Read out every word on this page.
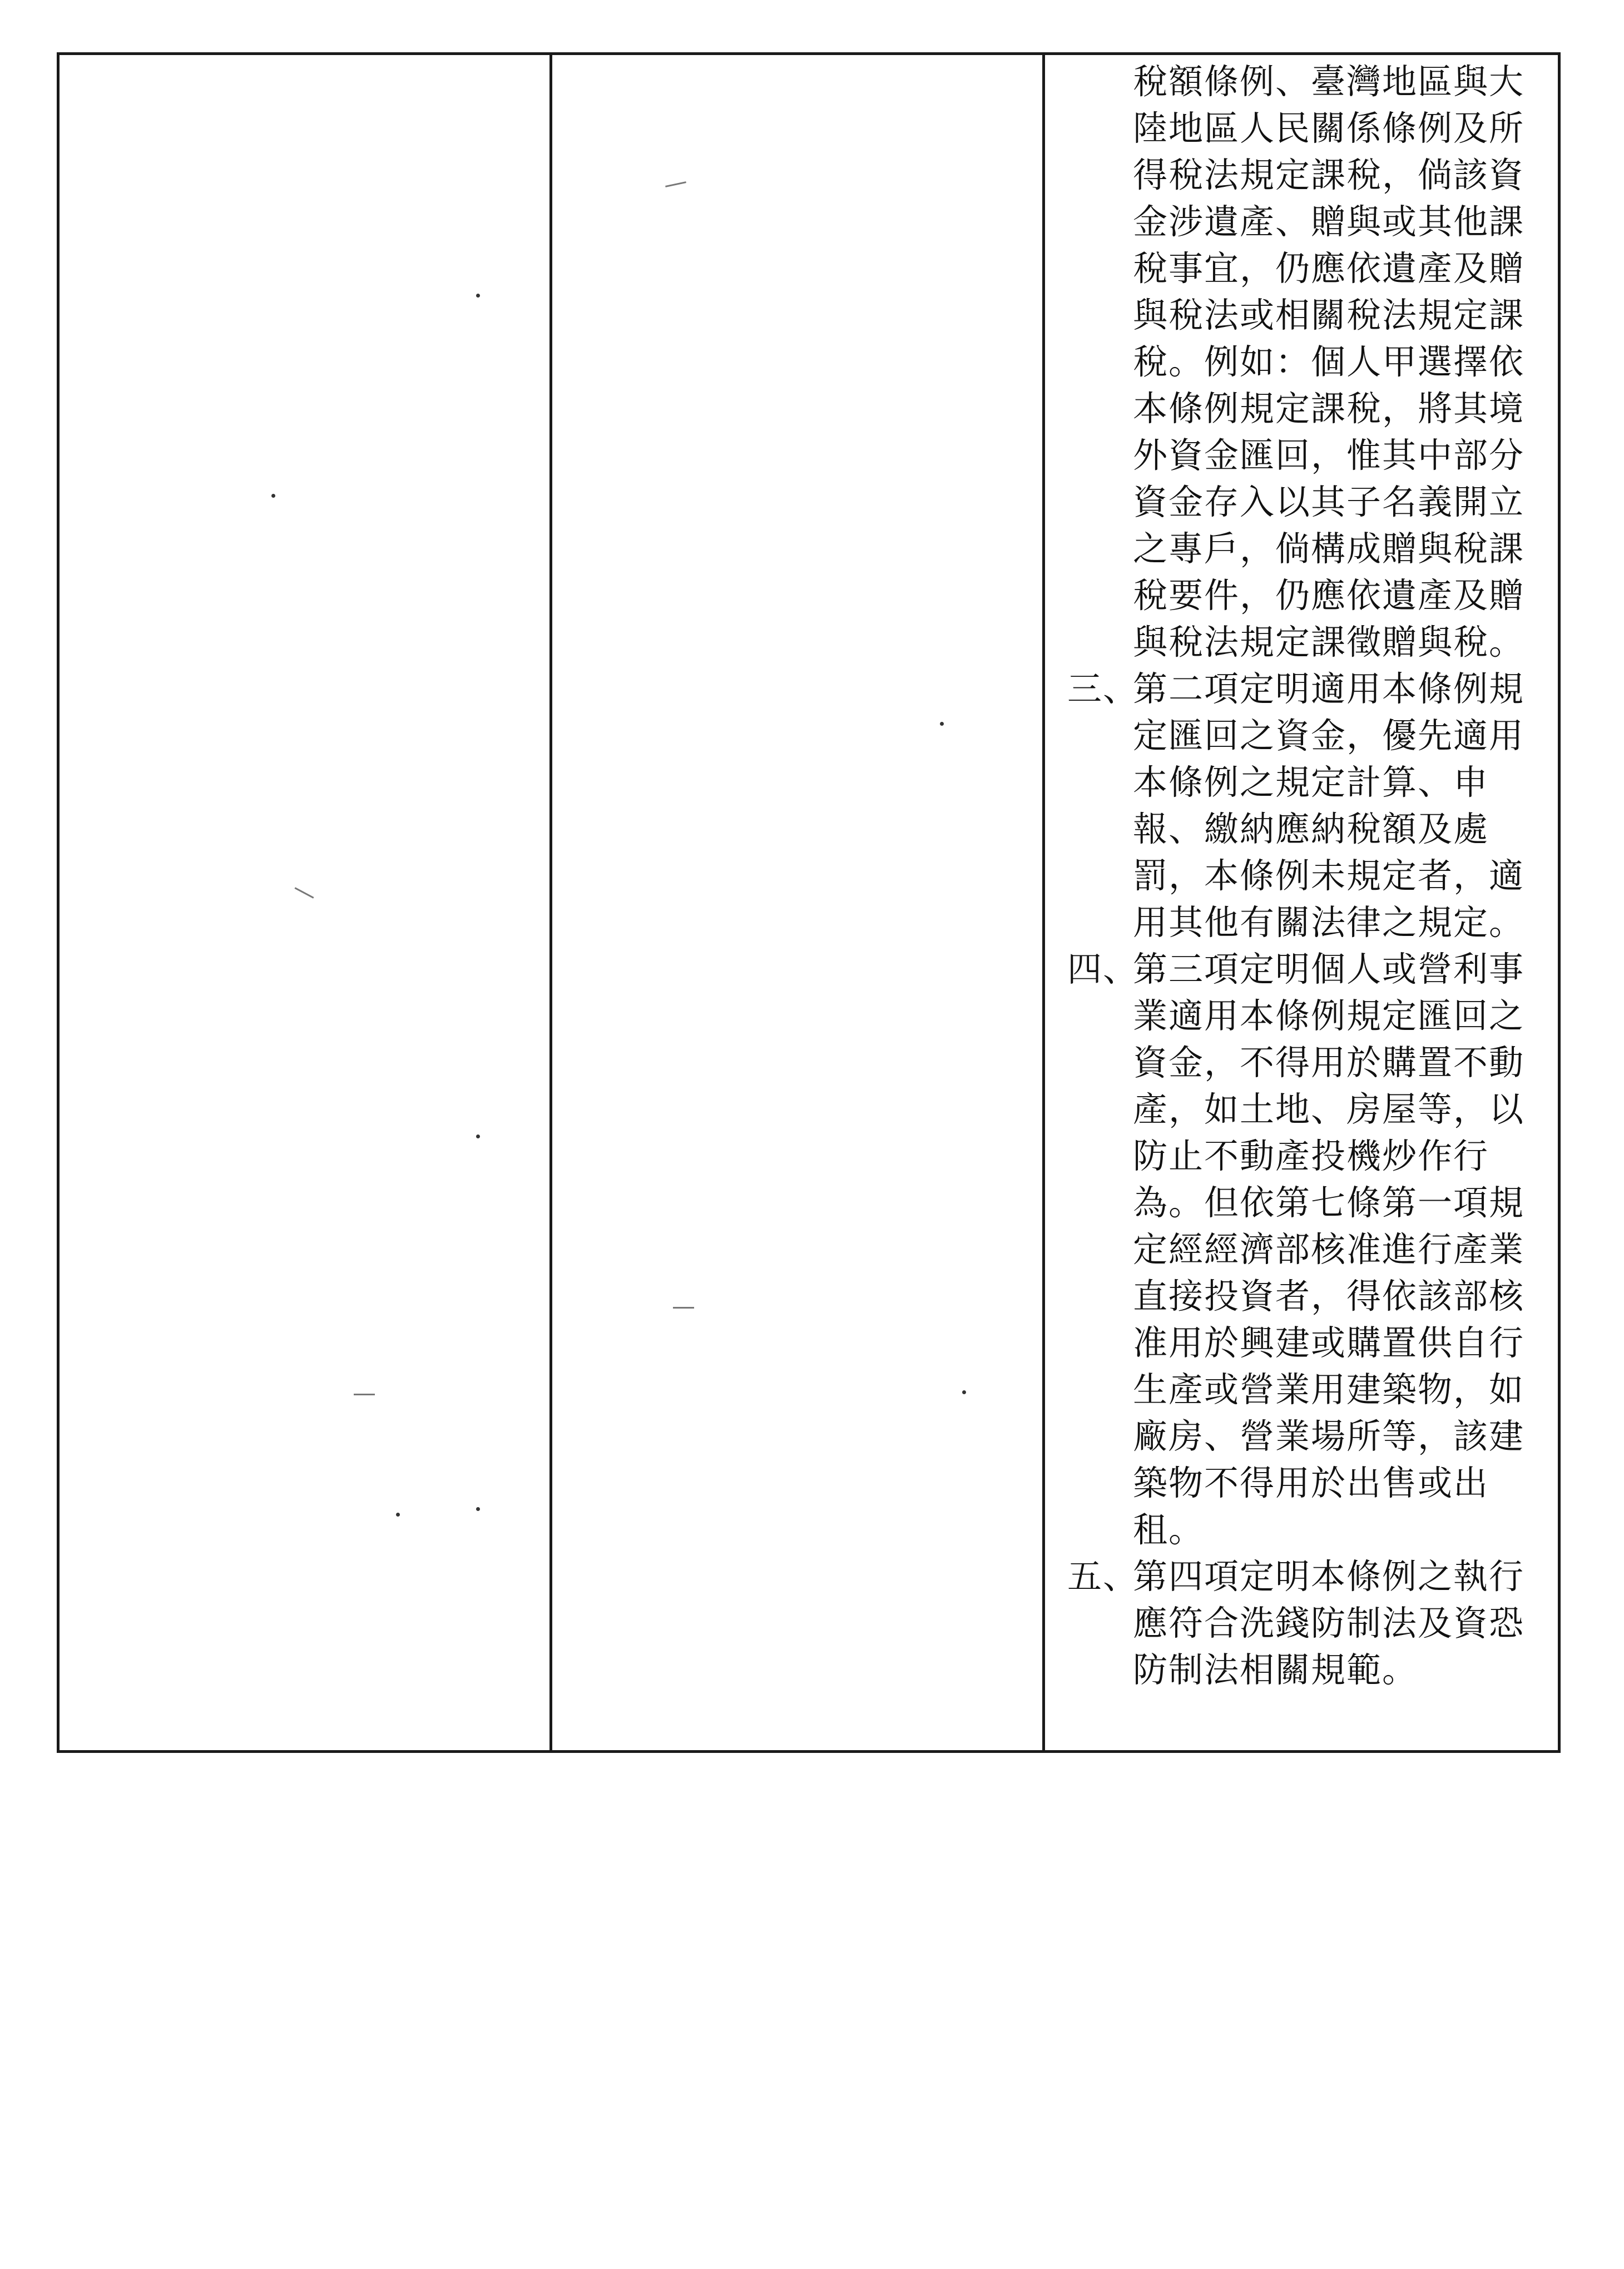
稅額條例、臺灣地區與大
陸地區人民關係條例及所
得稅法規定課稅，倘該資
金涉遺產、贈與或其他課
稅事宜，仍應依遺產及贈
與稅法或相關稅法規定課
稅。例如：個人甲選擇依
本條例規定課稅，將其境
外資金匯回，惟其中部分
資金存入以其子名義開立
之專戶，倘構成贈與稅課
稅要件，仍應依遺產及贈
與稅法規定課徵贈與稅。
三、第二項定明適用本條例規
定匯回之資金，優先適用
本條例之規定計算、申
報、繳納應納稅額及處
罰，本條例未規定者，適
用其他有關法律之規定。
四、第三項定明個人或營利事
業適用本條例規定匯回之
資金，不得用於購置不動
產，如土地、房屋等，以
防止不動產投機炒作行
為。但依第七條第一項規
定經經濟部核准進行產業
直接投資者，得依該部核
准用於興建或購置供自行
生產或營業用建築物，如
廠房、營業場所等，該建
築物不得用於出售或出
租。
五、第四項定明本條例之執行
應符合洗錢防制法及資恐
防制法相關規範。
